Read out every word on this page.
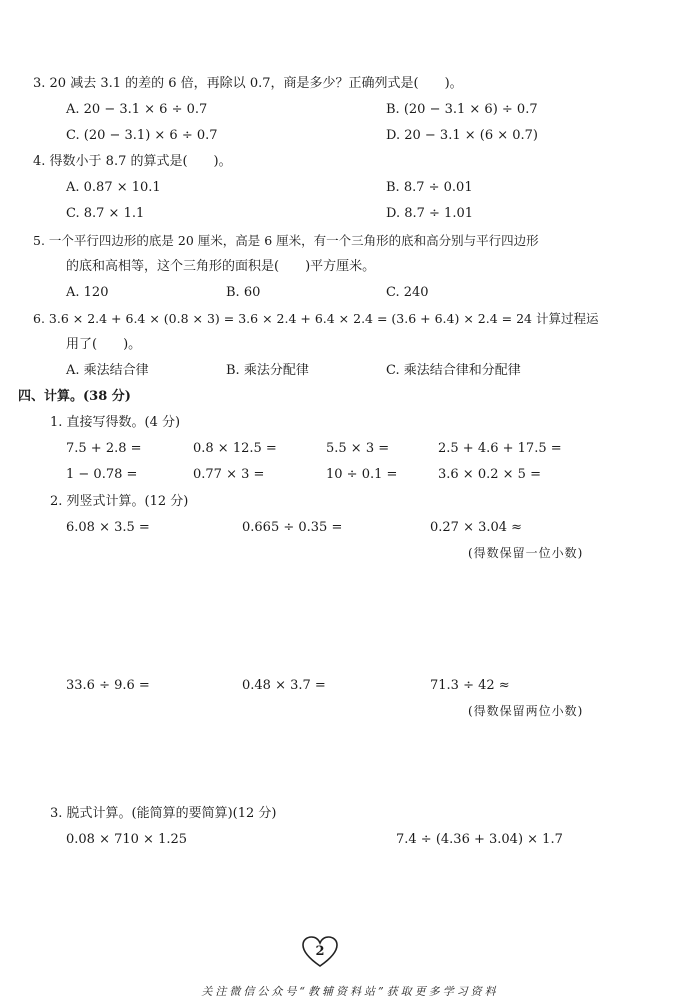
3. 20 减去 3.1 的差的 6 倍，再除以 0.7，商是多少？正确列式是(　　)。
A. 20 − 3.1 × 6 ÷ 0.7	B. (20 − 3.1 × 6) ÷ 0.7
C. (20 − 3.1) × 6 ÷ 0.7	D. 20 − 3.1 × (6 × 0.7)
4. 得数小于 8.7 的算式是(　　)。
A. 0.87 × 10.1	B. 8.7 ÷ 0.01
C. 8.7 × 1.1	D. 8.7 ÷ 1.01
5. 一个平行四边形的底是 20 厘米，高是 6 厘米，有一个三角形的底和高分别与平行四边形
的底和高相等，这个三角形的面积是(　　)平方厘米。
A. 120	B. 60	C. 240
6. 3.6 × 2.4 + 6.4 × (0.8 × 3) = 3.6 × 2.4 + 6.4 × 2.4 = (3.6 + 6.4) × 2.4 = 24 计算过程运
用了(　　)。
A. 乘法结合律	B. 乘法分配律	C. 乘法结合律和分配律
四、计算。(38 分)
1. 直接写得数。(4 分)
7.5 + 2.8 =	0.8 × 12.5 =	5.5 × 3 =	2.5 + 4.6 + 17.5 =
1 − 0.78 =	0.77 × 3 =	10 ÷ 0.1 =	3.6 × 0.2 × 5 =
2. 列竖式计算。(12 分)
6.08 × 3.5 =	0.665 ÷ 0.35 =	0.27 × 3.04 ≈
(得数保留一位小数)
33.6 ÷ 9.6 =	0.48 × 3.7 =	71.3 ÷ 42 ≈
(得数保留两位小数)
3. 脱式计算。(能简算的要简算)(12 分)
0.08 × 710 × 1.25	7.4 ÷ (4.36 + 3.04) × 1.7
2
关注微信公众号“教辅资料站”获取更多学习资料
